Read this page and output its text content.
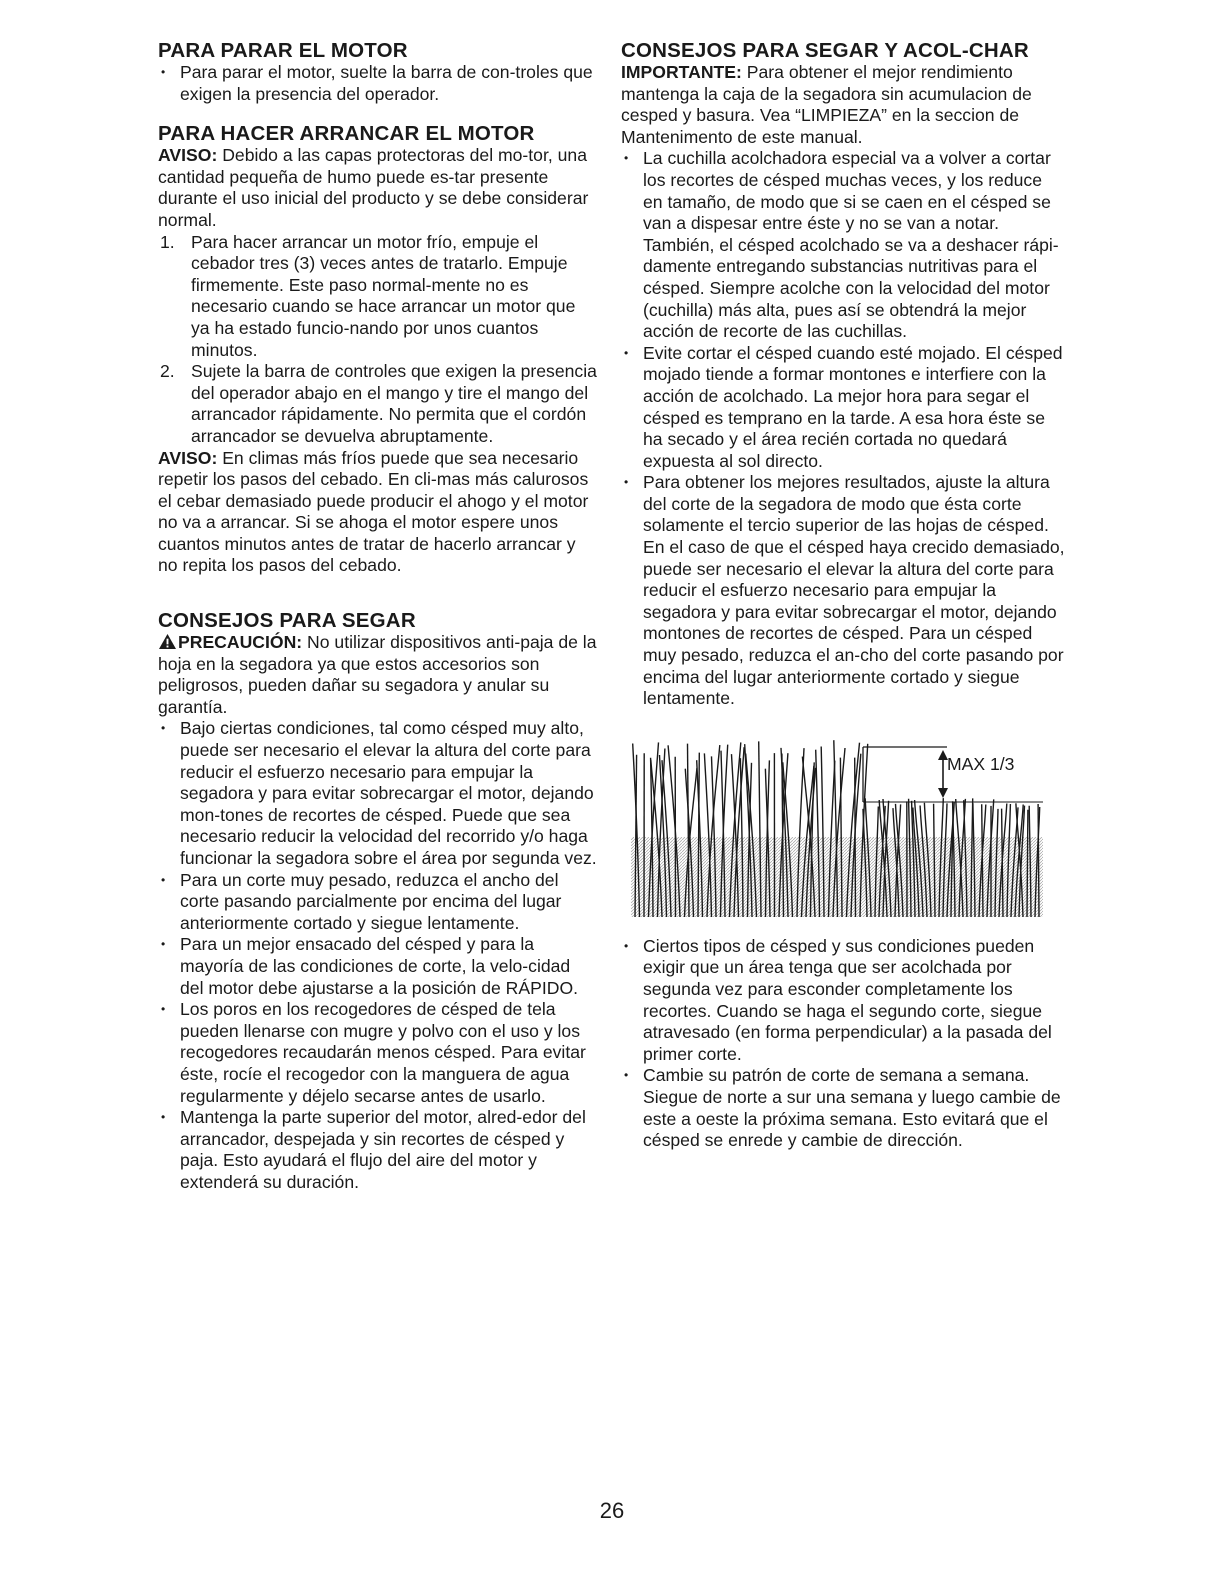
PARA PARAR EL MOTOR
• Para parar el motor, suelte la barra de con-troles que exigen la presencia del operador.
PARA HACER ARRANCAR EL MOTOR

AVISO: Debido a las capas protectoras del mo-tor, una cantidad pequeña de humo puede es-tar presente durante el uso inicial del producto y se debe considerar normal.

1. Para hacer arrancar un motor frío, empuje el cebador tres (3) veces antes de tratarlo. Empuje firmemente. Este paso normal-mente no es necesario cuando se hace arrancar un motor que ya ha estado funcio-nando por unos cuantos minutos.
2. Sujete la barra de controles que exigen la presencia del operador abajo en el mango y tire el mango del arrancador rápidamente. No permita que el cordón arrancador se devuelva abruptamente.

AVISO: En climas más fríos puede que sea necesario repetir los pasos del cebado. En cli-mas más calurosos el cebar demasiado puede producir el ahogo y el motor no va a arrancar. Si se ahoga el motor espere unos cuantos minutos antes de tratar de hacerlo arrancar y no repita los pasos del cebado.

CONSEJOS PARA SEGAR

PRECAUCIÓN: No utilizar dispositivos anti-paja de la hoja en la segadora ya que estos accesorios son peligrosos, pueden dañar su segadora y anular su garantía.

• Bajo ciertas condiciones, tal como césped muy alto, puede ser necesario el elevar la altura del corte para reducir el esfuerzo necesario para empujar la segadora y para evitar sobrecargar el motor, dejando mon-tones de recortes de césped. Puede que sea necesario reducir la velocidad del recorrido y/o haga funcionar la segadora sobre el área por segunda vez.
• Para un corte muy pesado, reduzca el ancho del corte pasando parcialmente por encima del lugar anteriormente cortado y siegue lentamente.
• Para un mejor ensacado del césped y para la mayoría de las condiciones de corte, la velo-cidad del motor debe ajustarse a la posición de RÁPIDO.
• Los poros en los recogedores de césped de tela pueden llenarse con mugre y polvo con el uso y los recogedores recaudarán menos césped. Para evitar éste, rocíe el recogedor con la manguera de agua regularmente y déjelo secarse antes de usarlo.
• Mantenga la parte superior del motor, alred-edor del arrancador, despejada y sin recortes de césped y paja. Esto ayudará el flujo del aire del motor y extenderá su duración.
CONSEJOS PARA SEGAR Y ACOL-CHAR

IMPORTANTE: Para obtener el mejor rendimiento mantenga la caja de la segadora sin acumulacion de cesped y basura. Vea “LIMPIEZA” en la seccion de Mantenimento de este manual.

• La cuchilla acolchadora especial va a volver a cortar los recortes de césped muchas veces, y los reduce en tamaño, de modo que si se caen en el césped se van a dispesar entre éste y no se van a notar. También, el césped acolchado se va a deshacer rápi-damente entregando substancias nutritivas para el césped. Siempre acolche con la velocidad del motor (cuchilla) más alta, pues así se obtendrá la mejor acción de recorte de las cuchillas.
• Evite cortar el césped cuando esté mojado. El césped mojado tiende a formar montones e interfiere con la acción de acolchado. La mejor hora para segar el césped es temprano en la tarde. A esa hora éste se ha secado y el área recién cortada no quedará expuesta al sol directo.
• Para obtener los mejores resultados, ajuste la altura del corte de la segadora de modo que ésta corte solamente el tercio superior de las hojas de césped. En el caso de que el césped haya crecido demasiado, puede ser necesario el elevar la altura del corte para reducir el esfuerzo necesario para empujar la segadora y para evitar sobrecargar el motor, dejando montones de recortes de césped. Para un césped muy pesado, reduzca el an-cho del corte pasando por encima del lugar anteriormente cortado y siegue lentamente.
MAX 1/3
• Ciertos tipos de césped y sus condiciones pueden exigir que un área tenga que ser acolchada por segunda vez para esconder completamente los recortes. Cuando se haga el segundo corte, siegue atravesado (en forma perpendicular) a la pasada del primer corte.
• Cambie su patrón de corte de semana a semana. Siegue de norte a sur una semana y luego cambie de este a oeste la próxima semana. Esto evitará que el césped se enrede y cambie de dirección.
26
